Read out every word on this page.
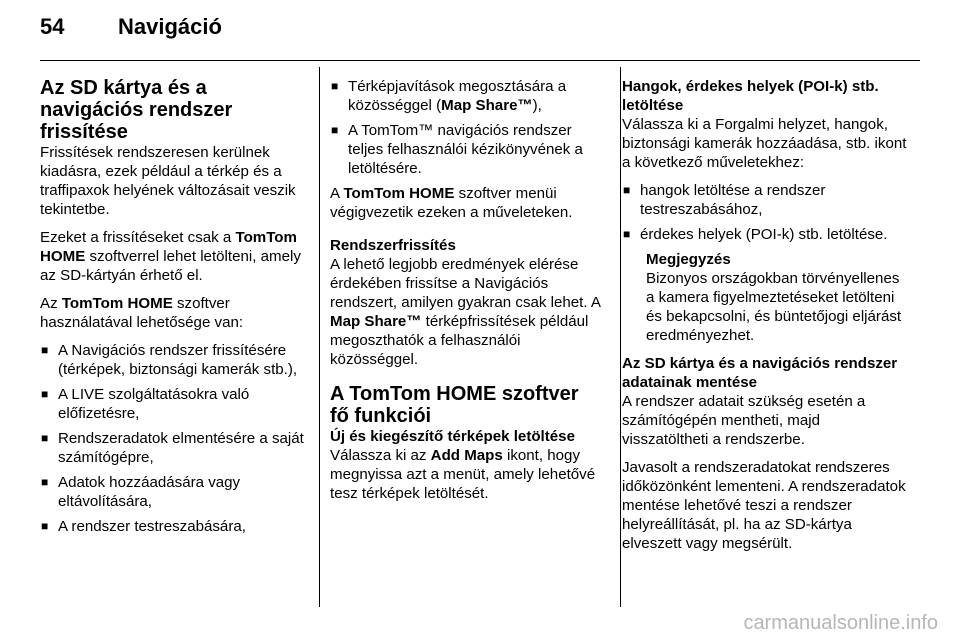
54 Navigáció
Az SD kártya és a navigációs rendszer frissítése

Frissítések rendszeresen kerülnek kiadásra, ezek például a térkép és a traffipaxok helyének változásait veszik tekintetbe.

Ezeket a frissítéseket csak a TomTom HOME szoftverrel lehet letölteni, amely az SD-kártyán érhető el.

Az TomTom HOME szoftver használatával lehetősége van:

■ A Navigációs rendszer frissítésére (térképek, biztonsági kamerák stb.),
■ A LIVE szolgáltatásokra való előfizetésre,
■ Rendszeradatok elmentésére a saját számítógépre,
■ Adatok hozzáadására vagy eltávolítására,
■ A rendszer testreszabására,
■ Térképjavítások megosztására a közösséggel (Map Share™),
■ A TomTom™ navigációs rendszer teljes felhasználói kézikönyvének a letöltésére.

A TomTom HOME szoftver menüi végigvezetik ezeken a műveleteken.

Rendszerfrissítés

A lehető legjobb eredmények elérése érdekében frissítse a Navigációs rendszert, amilyen gyakran csak lehet. A Map Share™ térképfrissítések például megoszthatók a felhasználói közösséggel.

A TomTom HOME szoftver fő funkciói
Új és kiegészítő térképek letöltése

Válassza ki az Add Maps ikont, hogy megnyissa azt a menüt, amely lehetővé tesz térképek letöltését.

Hangok, érdekes helyek (POI-k) stb. letöltése

Válassza ki a Forgalmi helyzet, hangok, biztonsági kamerák hozzáadása, stb. ikont a következő műveletekhez:

■ hangok letöltése a rendszer testreszabásához,
■ érdekes helyek (POI-k) stb. letöltése.
Megjegyzés

Bizonyos országokban törvényellenes a kamera figyelmeztetéseket letölteni és bekapcsolni, és büntetőjogi eljárást eredményezhet.

Az SD kártya és a navigációs rendszer adatainak mentése

A rendszer adatait szükség esetén a számítógépén mentheti, majd visszatöltheti a rendszerbe.

Javasolt a rendszeradatokat rendszeres időközönként lementeni. A rendszeradatok mentése lehetővé teszi a rendszer helyreállítását, pl. ha az SD-kártya elveszett vagy megsérült.

carmanualsonline.info
